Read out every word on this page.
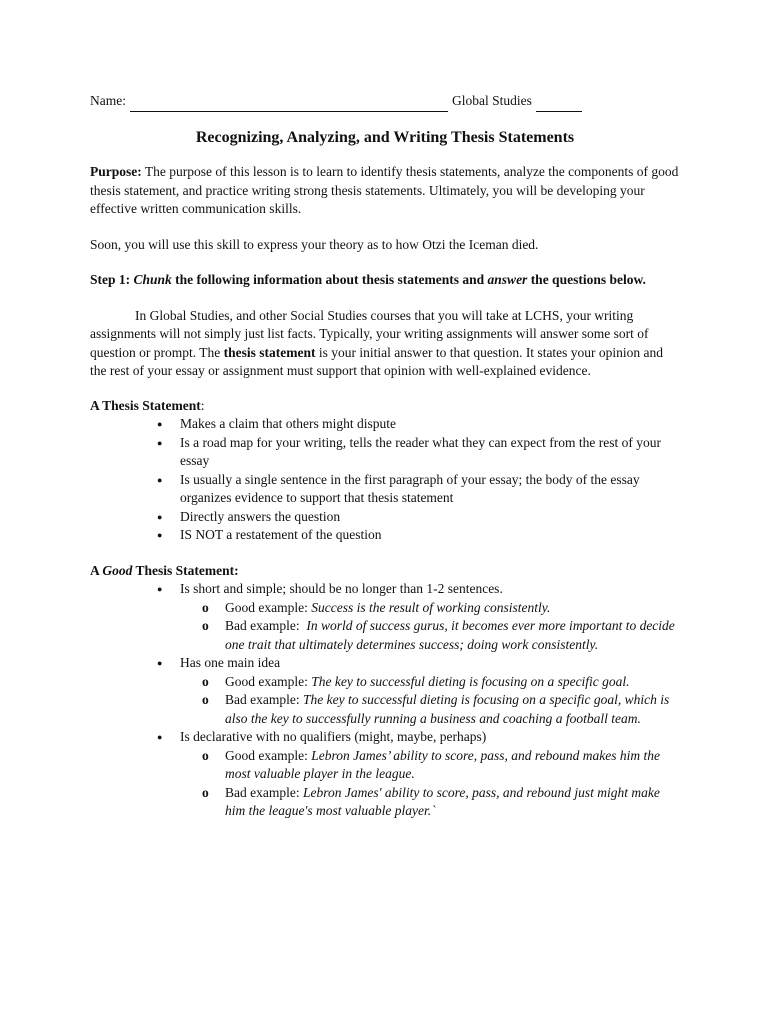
Name:
	Global Studies

Recognizing, Analyzing, and Writing Thesis Statements

Purpose: The purpose of this lesson is to learn to identify thesis statements, analyze the components of good thesis statement, and practice writing strong thesis statements. Ultimately, you will be developing your effective written communication skills.

Soon, you will use this skill to express your theory as to how Otzi the Iceman died.

Step 1: Chunk the following information about thesis statements and answer the questions below.

In Global Studies, and other Social Studies courses that you will take at LCHS, your writing assignments will not simply just list facts. Typically, your writing assignments will answer some sort of question or prompt. The thesis statement is your initial answer to that question. It states your opinion and the rest of your essay or assignment must support that opinion with well-explained evidence.

A Thesis Statement:

● Makes a claim that others might dispute
● Is a road map for your writing, tells the reader what they can expect from the rest of your essay
● Is usually a single sentence in the first paragraph of your essay; the body of the essay organizes evidence to support that thesis statement
● Directly answers the question
● IS NOT a restatement of the question

A Good Thesis Statement:

● Is short and simple; should be no longer than 1-2 sentences.
o Good example: Success is the result of working consistently.
o Bad example: In world of success gurus, it becomes ever more important to decide one trait that ultimately determines success; doing work consistently.
● Has one main idea
o Good example: The key to successful dieting is focusing on a specific goal.
o Bad example: The key to successful dieting is focusing on a specific goal, which is also the key to successfully running a business and coaching a football team.
● Is declarative with no qualifiers (might, maybe, perhaps)
o Good example: Lebron James’ ability to score, pass, and rebound makes him the most valuable player in the league.
o Bad example: Lebron James' ability to score, pass, and rebound just might make him the league's most valuable player.`
